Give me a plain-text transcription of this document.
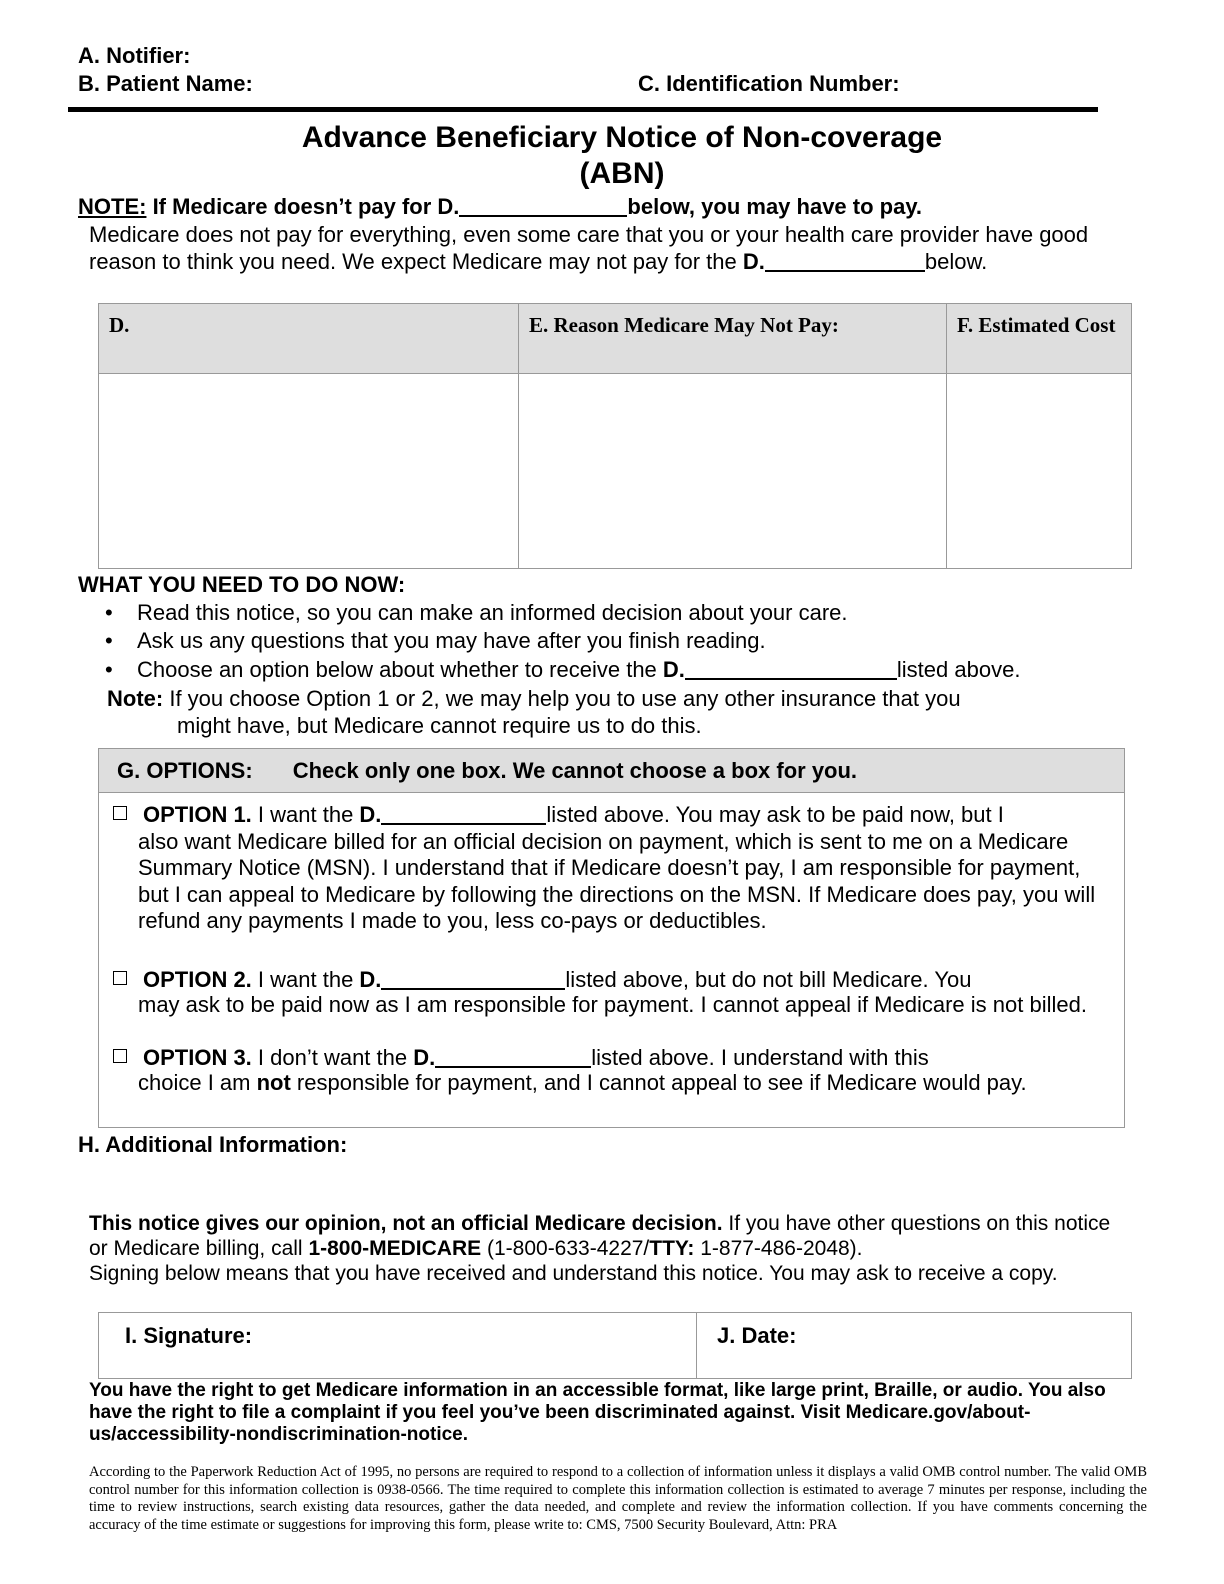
A. Notifier:
B. Patient Name:	C. Identification Number:
Advance Beneficiary Notice of Non-coverage
(ABN)
NOTE: If Medicare doesn’t pay for D.	below, you may have to pay.
Medicare does not pay for everything, even some care that you or your health care provider have good reason to think you need. We expect Medicare may not pay for the D.	below.
D.	E. Reason Medicare May Not Pay:	F. Estimated Cost

WHAT YOU NEED TO DO NOW:
• Read this notice, so you can make an informed decision about your care.
• Ask us any questions that you may have after you finish reading.
• Choose an option below about whether to receive the D.	listed above.
Note: If you choose Option 1 or 2, we may help you to use any other insurance that you
might have, but Medicare cannot require us to do this.
G. OPTIONS: Check only one box. We cannot choose a box for you.
OPTION 1. I want the D.	listed above. You may ask to be paid now, but I
also want Medicare billed for an official decision on payment, which is sent to me on a Medicare Summary Notice (MSN). I understand that if Medicare doesn’t pay, I am responsible for payment, but I can appeal to Medicare by following the directions on the MSN. If Medicare does pay, you will refund any payments I made to you, less co-pays or deductibles.
OPTION 2. I want the D.	listed above, but do not bill Medicare. You
may ask to be paid now as I am responsible for payment. I cannot appeal if Medicare is not billed.
OPTION 3. I don’t want the D.	listed above. I understand with this
choice I am not responsible for payment, and I cannot appeal to see if Medicare would pay.
H. Additional Information:
This notice gives our opinion, not an official Medicare decision. If you have other questions on this notice or Medicare billing, call 1-800-MEDICARE (1-800-633-4227/TTY: 1-877-486-2048).
Signing below means that you have received and understand this notice. You may ask to receive a copy.
I. Signature:	J. Date:
You have the right to get Medicare information in an accessible format, like large print, Braille, or audio. You also have the right to file a complaint if you feel you’ve been discriminated against. Visit Medicare.gov/about-us/accessibility-nondiscrimination-notice.
According to the Paperwork Reduction Act of 1995, no persons are required to respond to a collection of information unless it displays a valid OMB control number. The valid OMB control number for this information collection is 0938-0566. The time required to complete this information collection is estimated to average 7 minutes per response, including the time to review instructions, search existing data resources, gather the data needed, and complete and review the information collection. If you have comments concerning the accuracy of the time estimate or suggestions for improving this form, please write to: CMS, 7500 Security Boulevard, Attn: PRA
